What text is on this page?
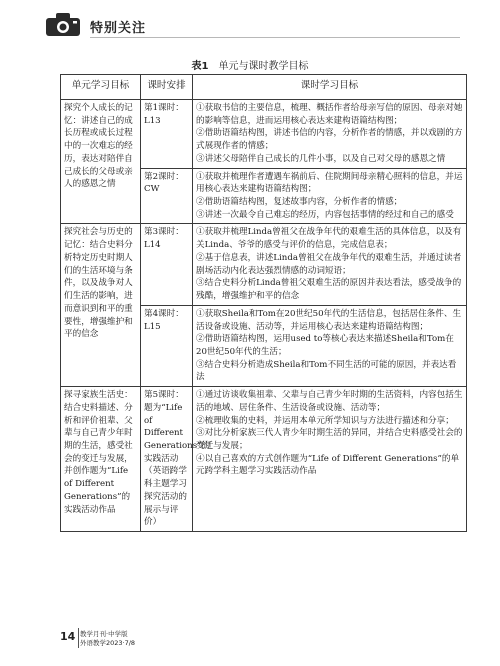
特别关注
表1 单元与课时教学目标
单元学习目标	课时安排	课时学习目标
探究个人成长的记忆：讲述自己的成长历程或成长过程中的一次难忘的经历，表达对陪伴自己成长的父母或亲人的感恩之情	第1课时：L13	①获取书信的主要信息，梳理、概括作者给母亲写信的原因、母亲对她的影响等信息，进而运用核心表达来建构语篇结构图；

②借助语篇结构图，讲述书信的内容，分析作者的情感，并以戏剧的方式展现作者的情感；

③讲述父母陪伴自己成长的几件小事，以及自己对父母的感恩之情

	第2课时：CW	①获取并梳理作者遭遇车祸前后、住院期间母亲精心照料的信息，并运用核心表达来建构语篇结构图；

②借助语篇结构图，复述故事内容，分析作者的情感；

③讲述一次最令自己难忘的经历，内容包括事情的经过和自己的感受

探究社会与历史的记忆：结合史料分析特定历史时期人们的生活环境与条件，以及战争对人们生活的影响，进而意识到和平的重要性，增强维护和平的信念	第3课时：L14	①获取并梳理Linda曾祖父在战争年代的艰难生活的具体信息，以及有关Linda、爷爷的感受与评价的信息，完成信息表；

②基于信息表，讲述Linda曾祖父在战争年代的艰难生活，并通过读者剧场活动内化表达强烈情感的动词短语；

③结合史料分析Linda曾祖父艰难生活的原因并表达看法，感受战争的残酷，增强维护和平的信念

	第4课时：L15	①获取Sheila和Tom在20世纪50年代的生活信息，包括居住条件、生活设备或设施、活动等，并运用核心表达来建构语篇结构图；

②借助语篇结构图，运用used to等核心表达来描述Sheila和Tom在20世纪50年代的生活；

③结合史料分析造成Sheila和Tom不同生活的可能的原因，并表达看法

探寻家族生活史：结合史料描述、分析和评价祖辈、父辈与自己青少年时期的生活，感受社会的变迁与发展，并创作题为“Life of Different Generations”的实践活动作品	第5课时：题为“Life of Different Generations”的实践活动（英语跨学科主题学习探究活动的展示与评价）	①通过访谈收集祖辈、父辈与自己青少年时期的生活资料，内容包括生活的地域、居住条件、生活设备或设施、活动等；

②梳理收集的史料，并运用本单元所学知识与方法进行描述和分享；

③对比分析家族三代人青少年时期生活的异同，并结合史料感受社会的变迁与发展；

④以自己喜欢的方式创作题为“Life of Different Generations”的单元跨学科主题学习实践活动作品

14 教学月刊·中学版
外语教学2023·7/8
